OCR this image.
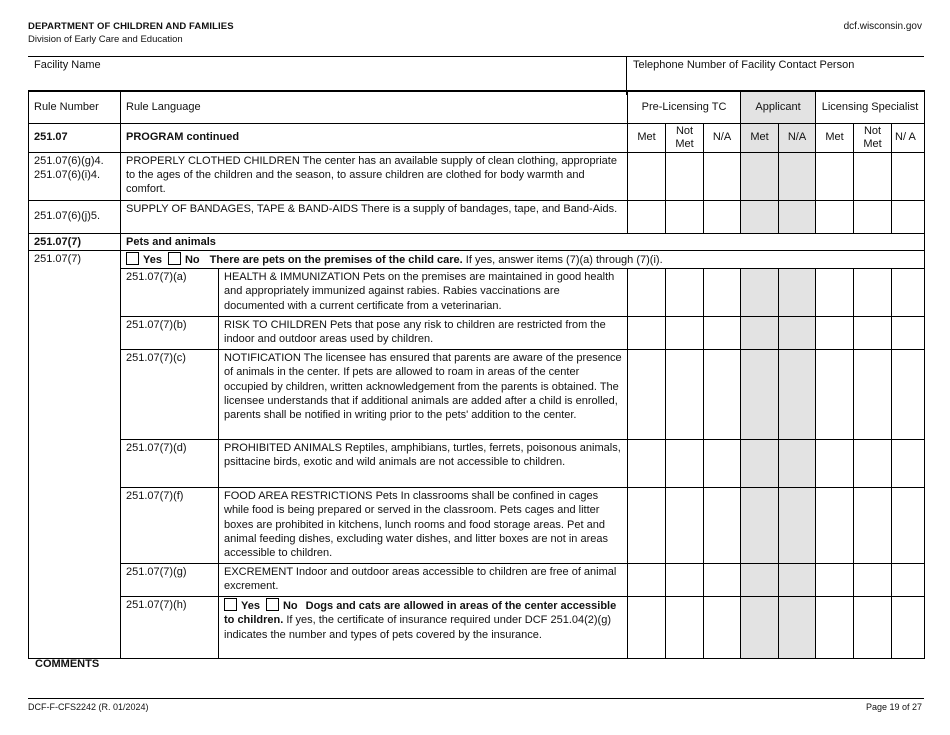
DEPARTMENT OF CHILDREN AND FAMILIES
Division of Early Care and Education
dcf.wisconsin.gov
Facility Name	Telephone Number of Facility Contact Person
Rule Number	Rule Language		Pre-Licensing TC			Applicant		Licensing Specialist		
251.07	PROGRAM continued		Met	Not Met	N/A	Met	N/A	Met	Not Met	N/ A
251.07(6)(g)4.
251.07(6)(i)4.	PROPERLY CLOTHED CHILDREN The center has an available supply of clean clothing, appropriate to the ages of the children and the season, to assure children are clothed for body warmth and comfort.									
251.07(6)(j)5.	SUPPLY OF BANDAGES, TAPE & BAND-AIDS There is a supply of bandages, tape, and Band-Aids.									
251.07(7)	Pets and animals									
251.07(7)	Yes No There are pets on the premises of the child care. If yes, answer items (7)(a) through (7)(i).									
	251.07(7)(a)	HEALTH & IMMUNIZATION Pets on the premises are maintained in good health and appropriately immunized against rabies. Rabies vaccinations are documented with a current certificate from a veterinarian.								
	251.07(7)(b)	RISK TO CHILDREN Pets that pose any risk to children are restricted from the indoor and outdoor areas used by children.								
	251.07(7)(c)	NOTIFICATION The licensee has ensured that parents are aware of the presence of animals in the center. If pets are allowed to roam in areas of the center occupied by children, written acknowledgement from the parents is obtained. The licensee understands that if additional animals are added after a child is enrolled, parents shall be notified in writing prior to the pets' addition to the center.								
	251.07(7)(d)	PROHIBITED ANIMALS Reptiles, amphibians, turtles, ferrets, poisonous animals, psittacine birds, exotic and wild animals are not accessible to children.								
	251.07(7)(f)	FOOD AREA RESTRICTIONS Pets In classrooms shall be confined in cages while food is being prepared or served in the classroom. Pets cages and litter boxes are prohibited in kitchens, lunch rooms and food storage areas. Pet and animal feeding dishes, excluding water dishes, and litter boxes are not in areas accessible to children.								
	251.07(7)(g)	EXCREMENT Indoor and outdoor areas accessible to children are free of animal excrement.								
	251.07(7)(h)	Yes No Dogs and cats are allowed in areas of the center accessible to children. If yes, the certificate of insurance required under DCF 251.04(2)(g) indicates the number and types of pets covered by the insurance.								
COMMENTS
DCF-F-CFS2242 (R. 01/2024)	Page 19 of 27
